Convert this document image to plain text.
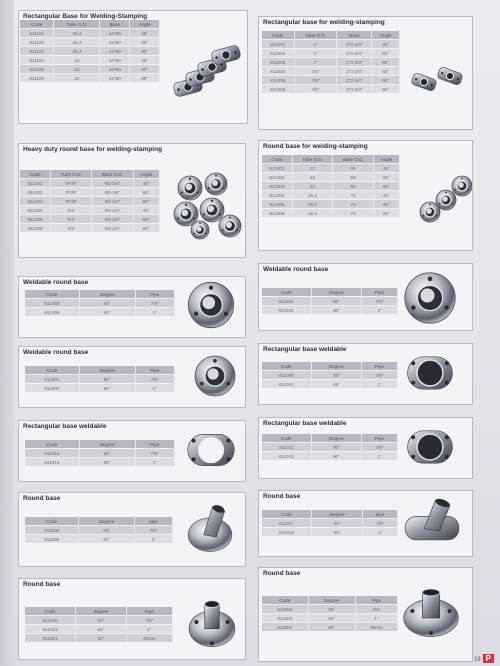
Rectangular Base for Welding-Stamping
Rectangular base for welding-stamping
Heavy duty round base for welding-stamping	Round base for welding-stamping
Weldable round base
Weldable round base
Weldable round base	Rectangular base weldable
Rectangular base weldable	Rectangular base weldable
Round base	Round base
Round base
Round base
19 P
Code	Tube O.D.	Base	Angle
811101	25.4	44*80	45°
811102	25.4	44*80	60°
811103	25.4	44*80	90°
811104	22	44*80	45°
811105	22	44*80	60°
811106	22	44*80	90°
Code	Tube O.D.	Base	Angle
811001	1"	2"3-3/4"	45°
811002	1"	2"3-3/4"	60°
811003	1"	2"3-3/4"	90°
811004	7/8"	2"3-3/4"	45°
811005	7/8"	2"3-3/4"	60°
811006	7/8"	2"3-3/4"	90°
Code	Tube O.D.	Base O.D.	Angle
811201	Φ7/8"	Φ2-3/4"	45°
811202	Φ7/8"	Φ2-3/4"	60°
811203	Φ7/8"	Φ2-3/4"	90°
811204	Φ1"	Φ2-3/4"	45°
811205	Φ1"	Φ2-3/4"	60°
811206	Φ1"	Φ2-3/4"	90°
Code	Tube O.D.	Base O.D.	Angle
811301	22	69	45°
811302	22	69	60°
811303	22	69	90°
811304	25.4	74	45°
811305	25.4	74	60°
811306	25.4	74	90°
Code	Degree	Pipe
811458	45°	7/8"
811459	45°	1"
Code	Degree	Pipe
811601	90°	7/8"
811602	90°	1"
Code	Degree	Pipe
811901	90°	7/8"
811902	90°	1"
Code	Degree	Pipe
811009	45°	7/8"
811010	45°	1"
Code	Degree	Pipe
811013	60°	7/8"
811014	60°	1"
Code	Degree	Pipe
811011	90°	7/8"
811012	90°	1"
Code	Degree	pipe
811505	30°	7/8"
811506	30°	1"
Code	Degree	pipe
811017	45°	7/8"
811018	45°	1"
Code	degree	Pipe
811020	60°	7/8"
811022	60°	1"
811021	60°	30mm
Code	Degree	Pipe
811003	90°	7/8"
811003	90°	1"
811004	90°	30mm
